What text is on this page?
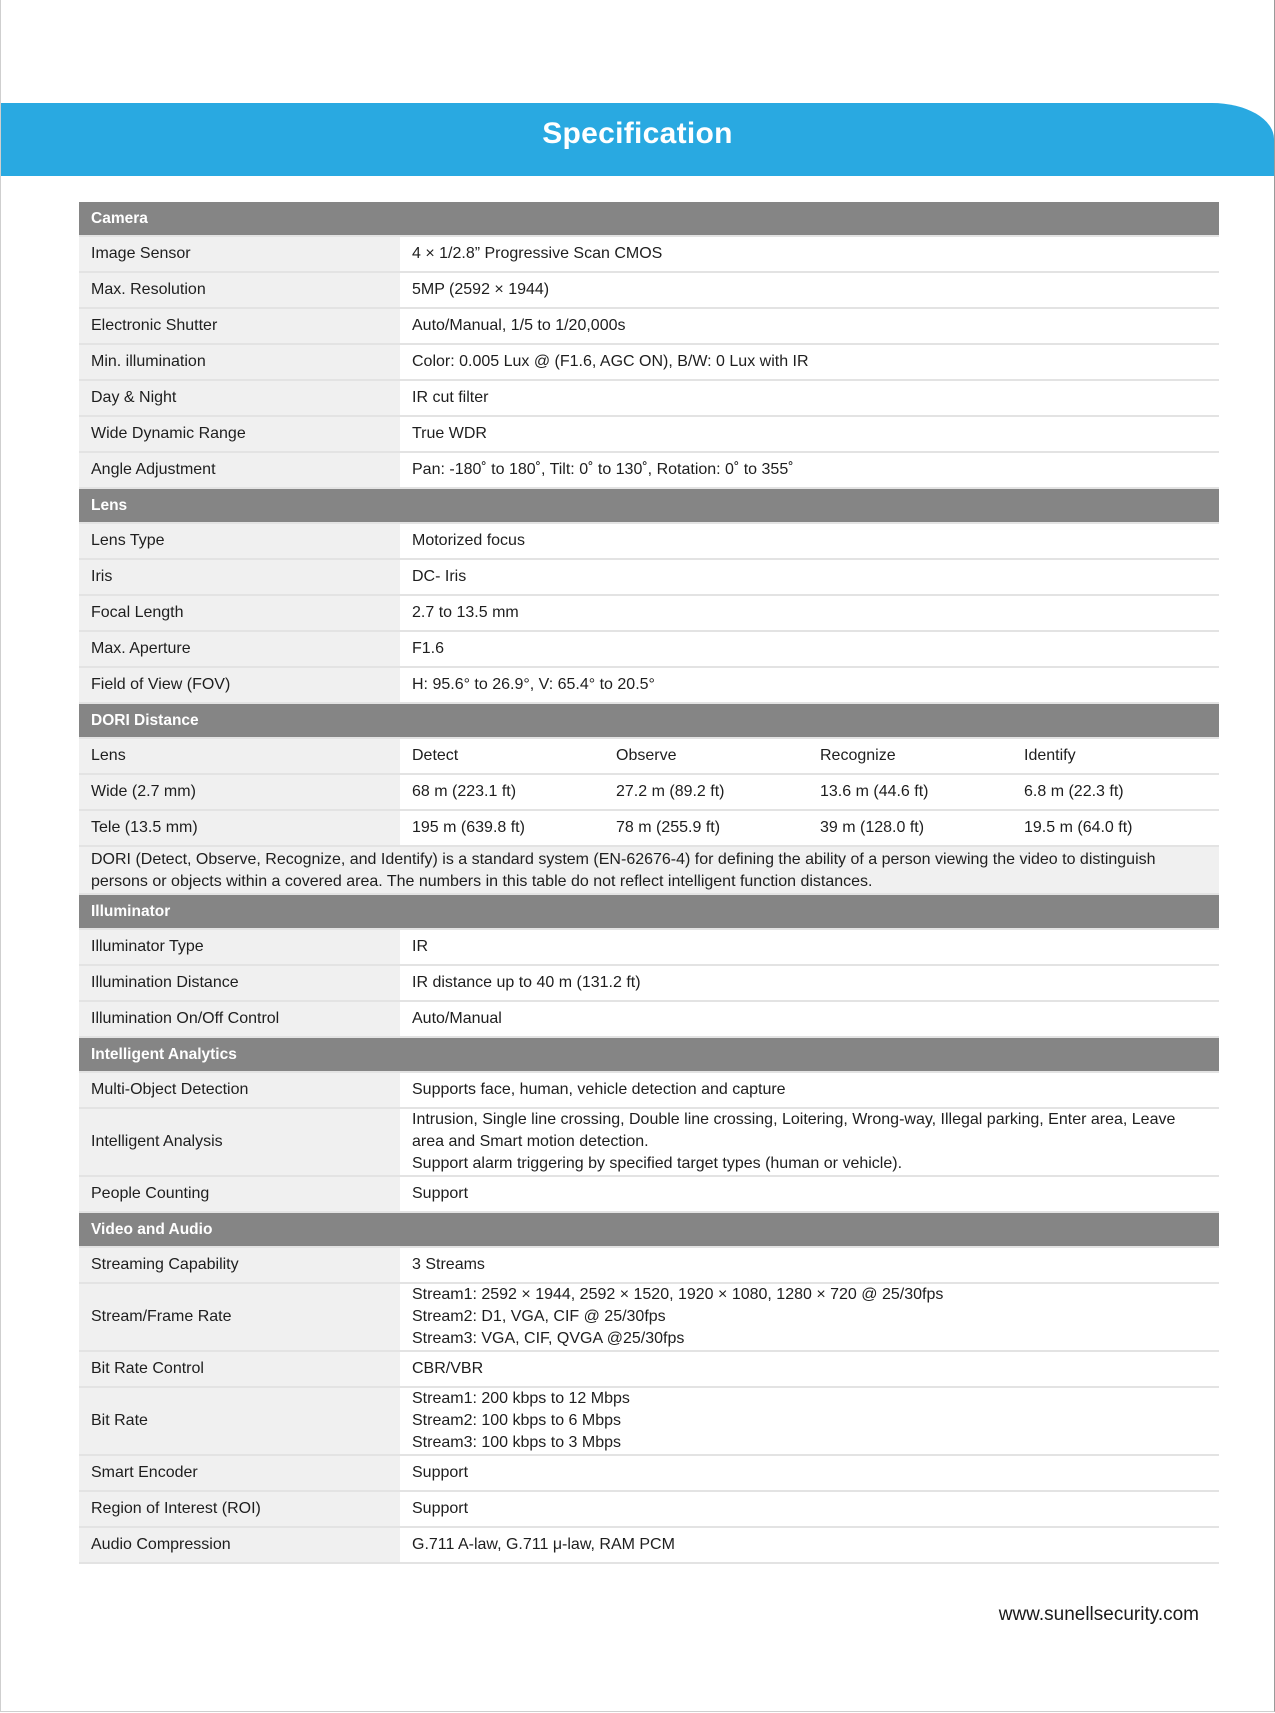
Specification
Camera				
Image Sensor	4 × 1/2.8” Progressive Scan CMOS			
Max. Resolution	5MP (2592 × 1944)			
Electronic Shutter	Auto/Manual, 1/5 to 1/20,000s			
Min. illumination	Color: 0.005 Lux @ (F1.6, AGC ON), B/W: 0 Lux with IR			
Day & Night	IR cut filter			
Wide Dynamic Range	True WDR			
Angle Adjustment	Pan: -180˚ to 180˚, Tilt: 0˚ to 130˚, Rotation: 0˚ to 355˚			
Lens				
Lens Type	Motorized focus			
Iris	DC- Iris			
Focal Length	2.7 to 13.5 mm			
Max. Aperture	F1.6			
Field of View (FOV)	H: 95.6° to 26.9°, V: 65.4° to 20.5°			
DORI Distance				
Lens	Detect	Observe	Recognize	Identify
Wide (2.7 mm)	68 m (223.1 ft)	27.2 m (89.2 ft)	13.6 m (44.6 ft)	6.8 m (22.3 ft)
Tele (13.5 mm)	195 m (639.8 ft)	78 m (255.9 ft)	39 m (128.0 ft)	19.5 m (64.0 ft)
DORI (Detect, Observe, Recognize, and Identify) is a standard system (EN-62676-4) for defining the ability of a person viewing the video to distinguish persons or objects within a covered area. The numbers in this table do not reflect intelligent function distances.				
Illuminator				
Illuminator Type	IR			
Illumination Distance	IR distance up to 40 m (131.2 ft)			
Illumination On/Off Control	Auto/Manual			
Intelligent Analytics				
Multi-Object Detection	Supports face, human, vehicle detection and capture			
Intelligent Analysis	Intrusion, Single line crossing, Double line crossing, Loitering, Wrong-way, Illegal parking, Enter area, Leave
area and Smart motion detection.
Support alarm triggering by specified target types (human or vehicle).			

People Counting	Support			
Video and Audio				
Streaming Capability	3 Streams			
Stream/Frame Rate	Stream1: 2592 × 1944, 2592 × 1520, 1920 × 1080, 1280 × 720 @ 25/30fps
Stream2: D1, VGA, CIF @ 25/30fps
Stream3: VGA, CIF, QVGA @25/30fps			

Bit Rate Control	CBR/VBR			
Bit Rate	Stream1: 200 kbps to 12 Mbps
Stream2: 100 kbps to 6 Mbps
Stream3: 100 kbps to 3 Mbps			

Smart Encoder	Support			
Region of Interest (ROI)	Support			
Audio Compression	G.711 A-law, G.711 μ-law, RAM PCM			
www.sunellsecurity.com
